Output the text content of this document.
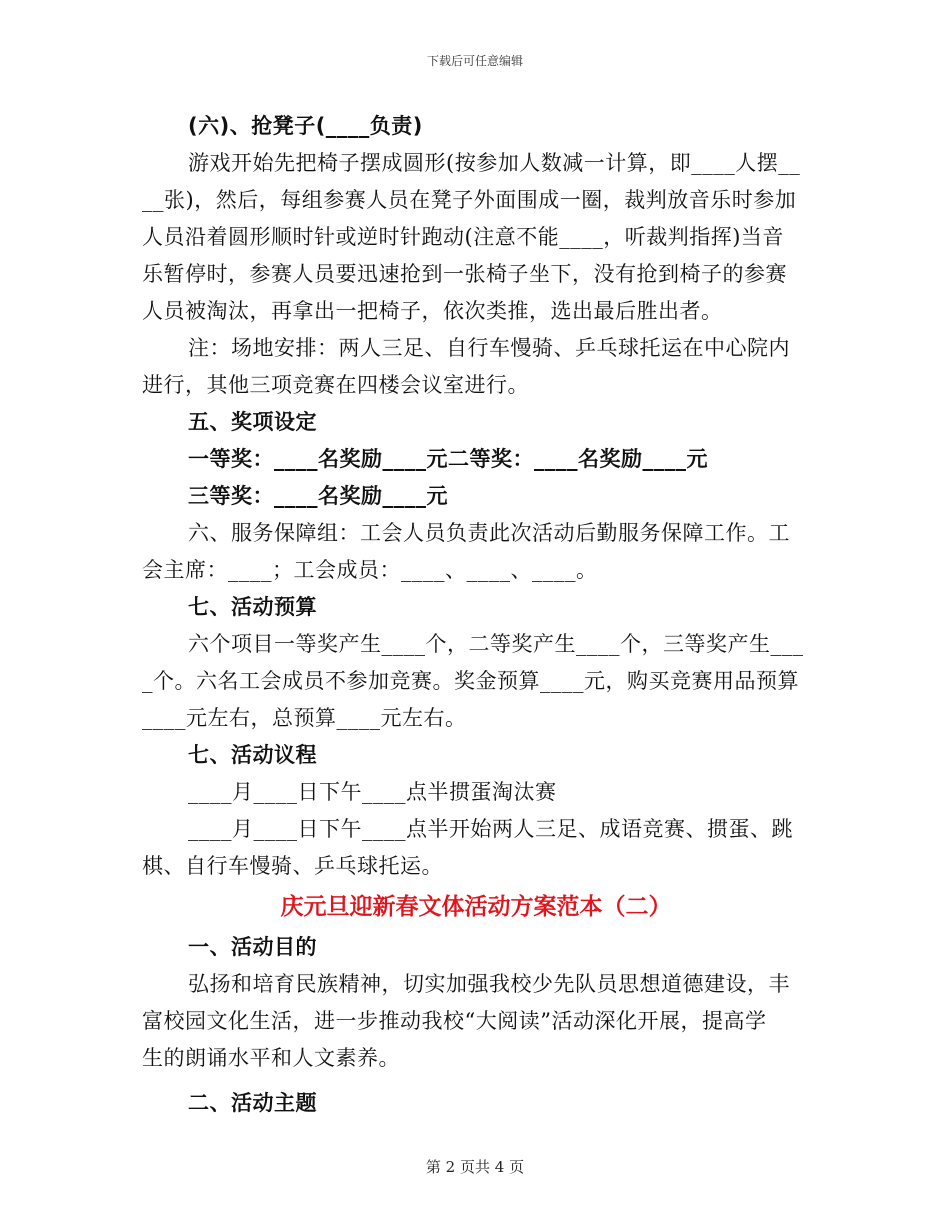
下载后可任意编辑
(六)、抢凳子(____负责)
游戏开始先把椅子摆成圆形(按参加人数减一计算，即____人摆__
__张)，然后，每组参赛人员在凳子外面围成一圈，裁判放音乐时参加
人员沿着圆形顺时针或逆时针跑动(注意不能____，听裁判指挥)当音
乐暂停时，参赛人员要迅速抢到一张椅子坐下，没有抢到椅子的参赛
人员被淘汰，再拿出一把椅子，依次类推，选出最后胜出者。
注：场地安排：两人三足、自行车慢骑、乒乓球托运在中心院内
进行，其他三项竞赛在四楼会议室进行。
五、奖项设定
一等奖：____名奖励____元二等奖：____名奖励____元
三等奖：____名奖励____元
六、服务保障组：工会人员负责此次活动后勤服务保障工作。工
会主席：____；工会成员：____、____、____。
七、活动预算
六个项目一等奖产生____个，二等奖产生____个，三等奖产生___
_个。六名工会成员不参加竞赛。奖金预算____元，购买竞赛用品预算
____元左右，总预算____元左右。
七、活动议程
____月____日下午____点半掼蛋淘汰赛
____月____日下午____点半开始两人三足、成语竞赛、掼蛋、跳
棋、自行车慢骑、乒乓球托运。
庆元旦迎新春文体活动方案范本（二）
一、活动目的
弘扬和培育民族精神，切实加强我校少先队员思想道德建设，丰
富校园文化生活，进一步推动我校“大阅读”活动深化开展，提高学
生的朗诵水平和人文素养。
二、活动主题
第 2 页共 4 页
